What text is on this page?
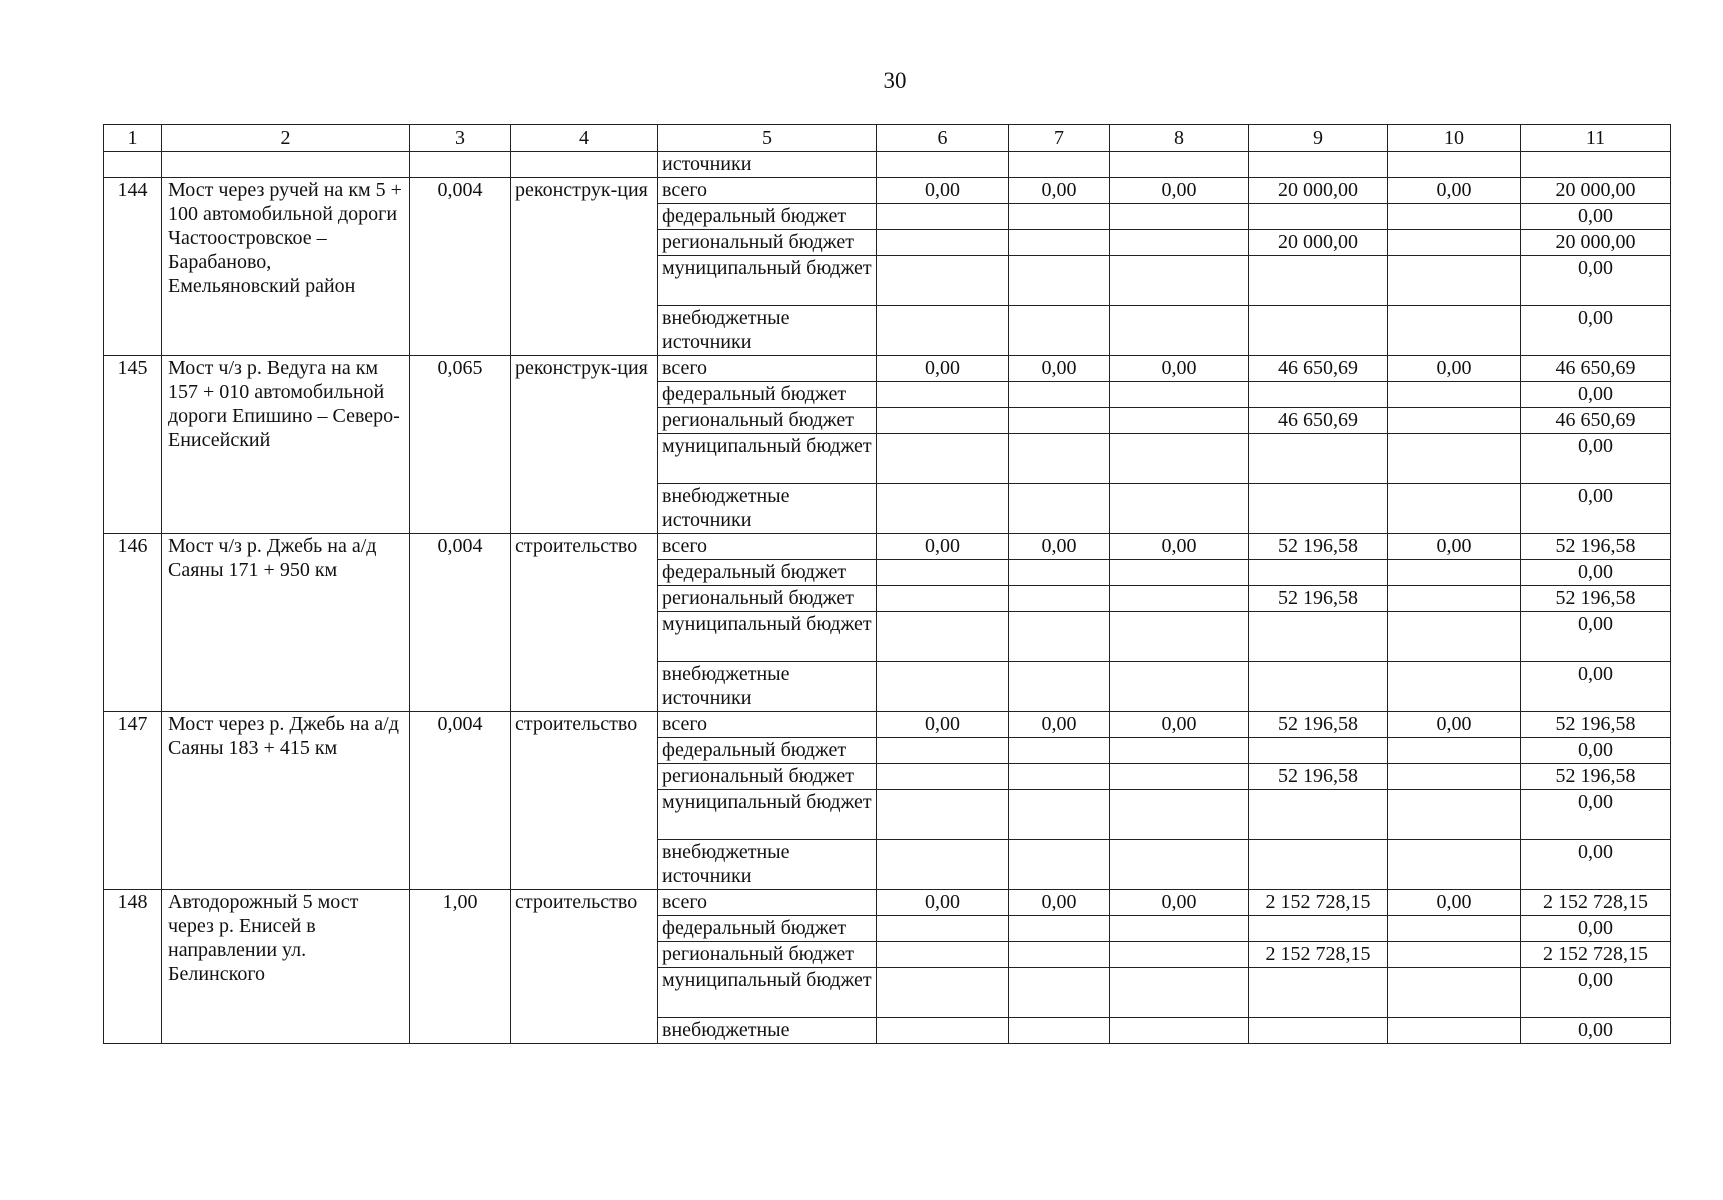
30
1	2	3	4	5	6	7	8	9	10	11
				источники						
144	Мост через ручей на км 5 + 100 автомобильной дороги Частоостровское – Барабаново, Емельяновский район	0,004	реконструк-ция	всего	0,00	0,00	0,00	20 000,00	0,00	20 000,00
				федеральный бюджет						0,00
				региональный бюджет				20 000,00		20 000,00
				муниципальный бюджет						0,00
				внебюджетные источники						0,00
145	Мост ч/з р. Ведуга на км 157 + 010 автомобильной дороги Епишино – Северо-Енисейский	0,065	реконструк-ция	всего	0,00	0,00	0,00	46 650,69	0,00	46 650,69
				федеральный бюджет						0,00
				региональный бюджет				46 650,69		46 650,69
				муниципальный бюджет						0,00
				внебюджетные источники						0,00
146	Мост ч/з р. Джебь на а/д Саяны 171 + 950 км	0,004	строительство	всего	0,00	0,00	0,00	52 196,58	0,00	52 196,58
				федеральный бюджет						0,00
				региональный бюджет				52 196,58		52 196,58
				муниципальный бюджет						0,00
				внебюджетные источники						0,00
147	Мост через р. Джебь на а/д Саяны 183 + 415 км	0,004	строительство	всего	0,00	0,00	0,00	52 196,58	0,00	52 196,58
				федеральный бюджет						0,00
				региональный бюджет				52 196,58		52 196,58
				муниципальный бюджет						0,00
				внебюджетные источники						0,00
148	Автодорожный 5 мост через р. Енисей в направлении ул. Белинского	1,00	строительство	всего	0,00	0,00	0,00	2 152 728,15	0,00	2 152 728,15
				федеральный бюджет						0,00
				региональный бюджет				2 152 728,15		2 152 728,15
				муниципальный бюджет						0,00
				внебюджетные						0,00
